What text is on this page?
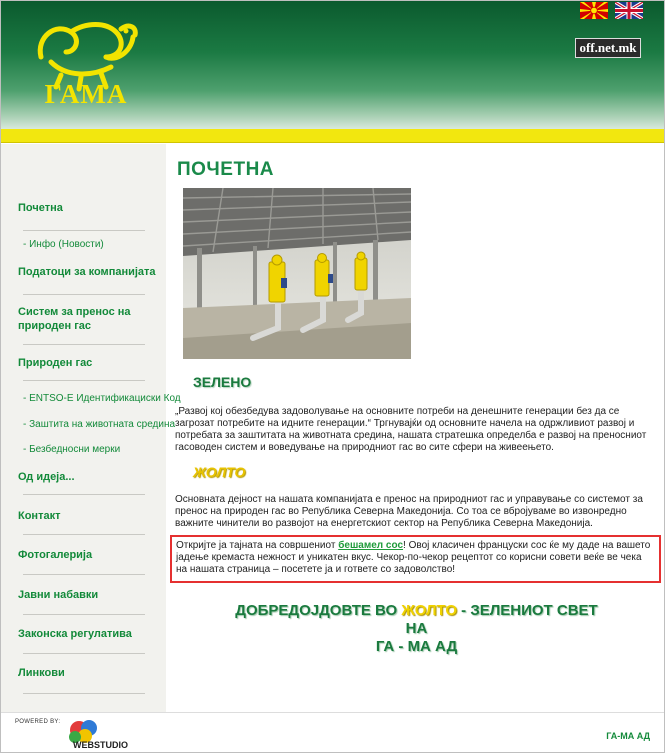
ГАМА
off.net.mk
Почетна
- Инфо (Новости)
Податоци за компанијата
Систем за пренос на природен гас
Природен гас
- ENTSO-E Идентификациски Код
- Заштита на животната средина
- Безбедносни мерки
Од идеја...
Контакт
Фотогалерија
Јавни набавки
Законска регулатива
Линкови
ПОЧЕТНА
ЗЕЛЕНО
„Развој кој обезбедува задоволување на основните потреби на денешните генерации без да се загрозат потребите на идните генерации.“ Тргнувајќи од основните начела на одржливиот развој и потребата за заштитата на животната средина, нашата стратешка определба е развој на преносниот гасоводен систем и воведување на природниот гас во сите сфери на живеењето.
ЖОЛТО
Основната дејност на нашата компанијата е пренос на природниот гас и управување со системот за пренос на природен гас во Република Северна Македонија. Со тоа се вбројуваме во извонредно важните чинители во развојот на енергетскиот сектор на Република Северна Македонија.
Откријте ја тајната на совршениот бешамел сос! Овој класичен француски сос ќе му даде на вашето јадење кремаста нежност и уникатен вкус. Чекор-по-чекор рецептот со корисни совети веќе ве чека на нашата страница – посетете ја и гответе со задоволство!
ДОБРЕДОЈДОВТЕ ВО ЖОЛТО - ЗЕЛЕНИОТ СВЕТ
НА
ГА - МА АД
POWERED BY:
WEBSTUDIO
ГА-МА АД
